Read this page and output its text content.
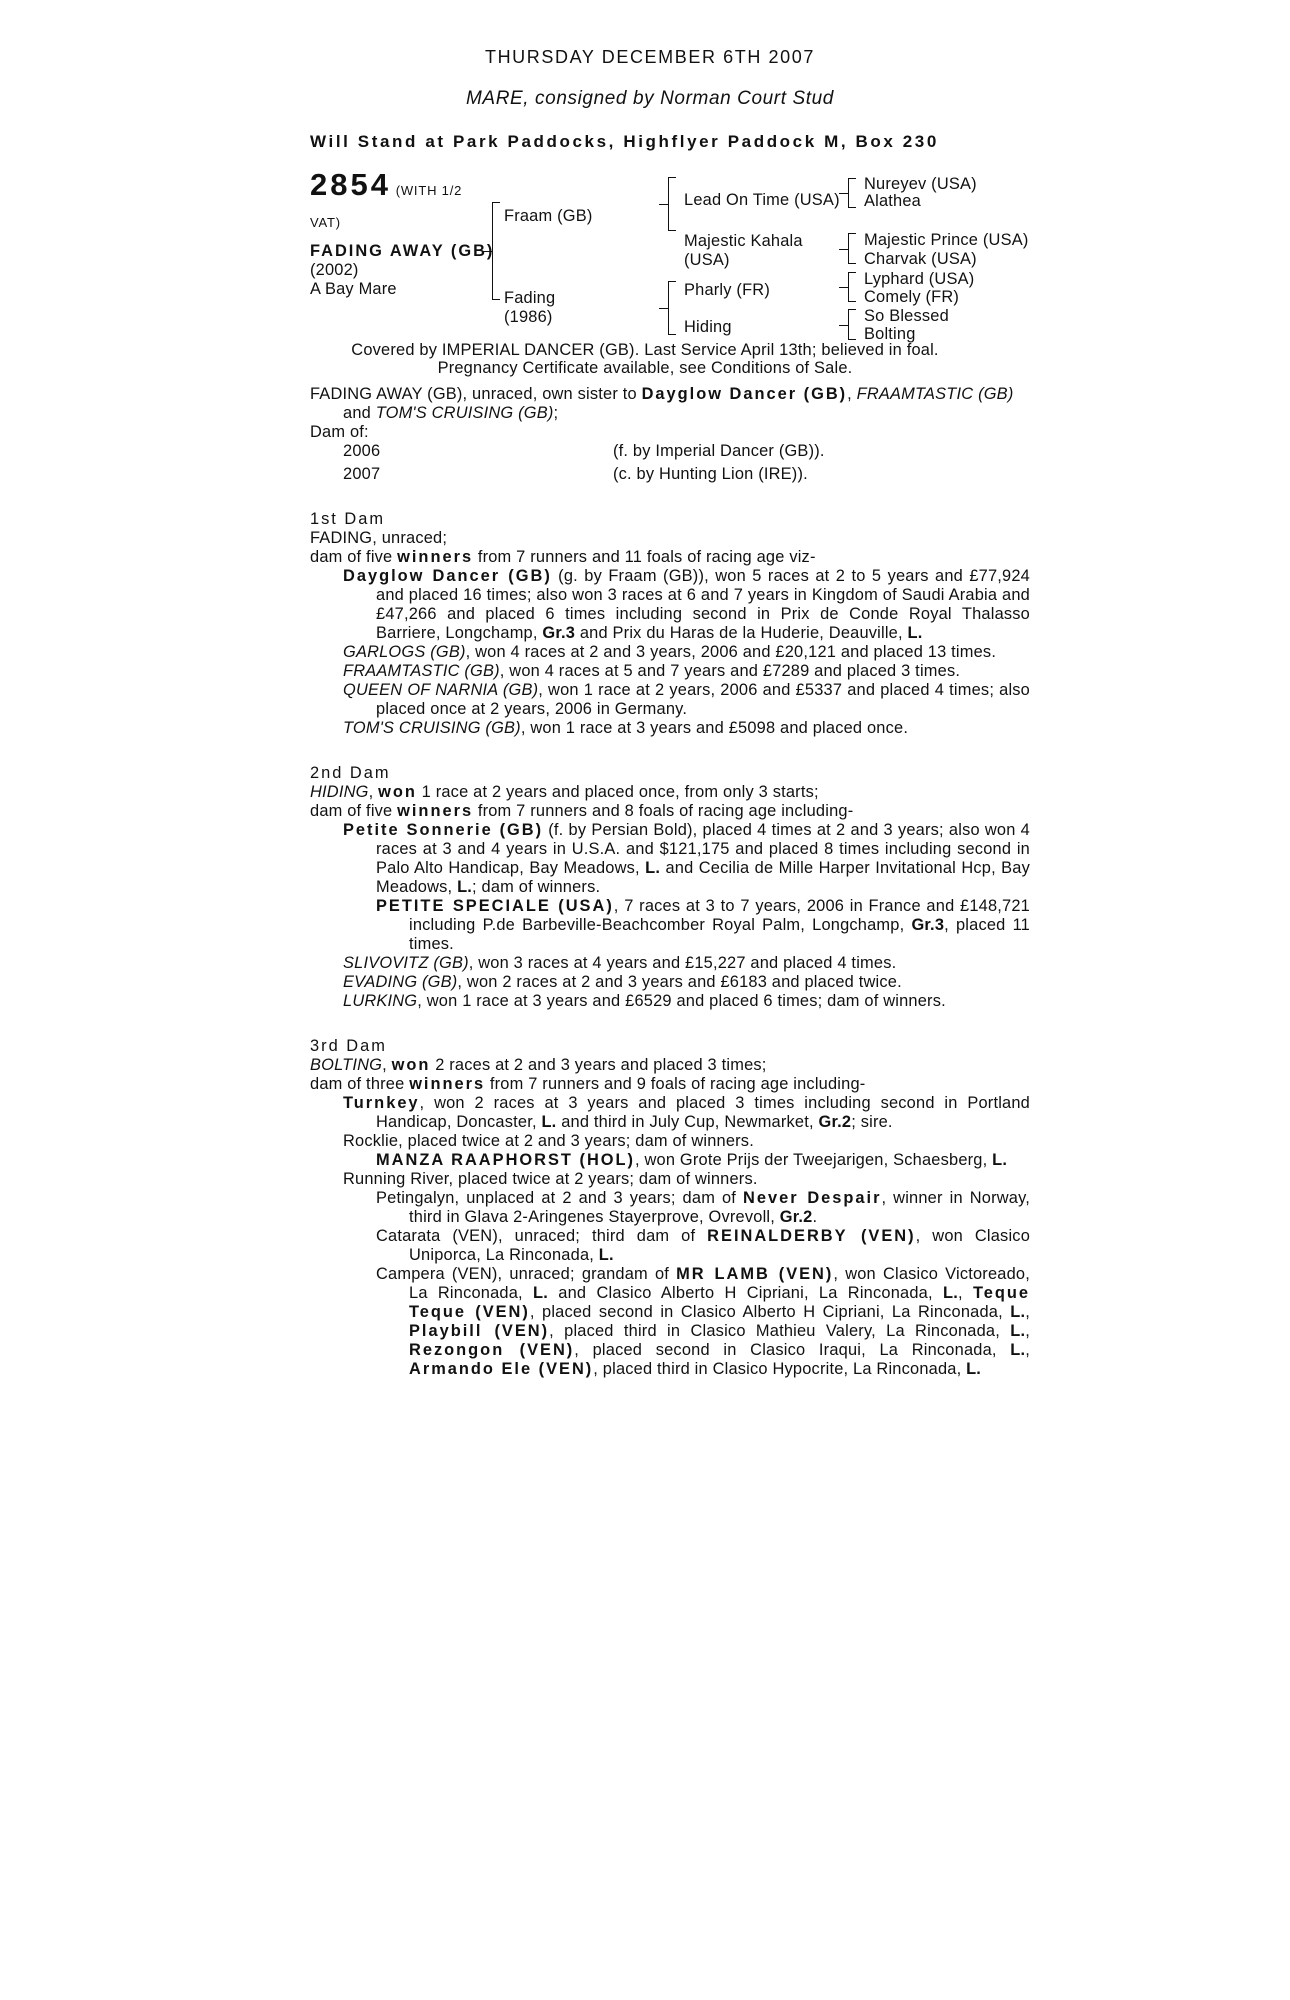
THURSDAY DECEMBER 6TH 2007
MARE, consigned by Norman Court Stud
Will Stand at Park Paddocks, Highflyer Paddock M, Box 230
2854 (WITH 1/2
VAT)
FADING AWAY (GB)
(2002)
A Bay Mare
Fraam (GB)
Fading
(1986)
Lead On Time (USA)
Majestic Kahala
(USA)
Pharly (FR)
Hiding
Nureyev (USA)
Alathea
Majestic Prince (USA)
Charvak (USA)
Lyphard (USA)
Comely (FR)
So Blessed
Bolting
Covered by IMPERIAL DANCER (GB). Last Service April 13th; believed in foal.
Pregnancy Certificate available, see Conditions of Sale.

FADING AWAY (GB), unraced, own sister to Dayglow Dancer (GB), FRAAMTASTIC (GB) and TOM'S CRUISING (GB);

Dam of:

2006	(f. by Imperial Dancer (GB)).
2007	(c. by Hunting Lion (IRE)).

1st Dam

FADING, unraced;

dam of five winners from 7 runners and 11 foals of racing age viz-

Dayglow Dancer (GB) (g. by Fraam (GB)), won 5 races at 2 to 5 years and £77,924 and placed 16 times; also won 3 races at 6 and 7 years in Kingdom of Saudi Arabia and £47,266 and placed 6 times including second in Prix de Conde Royal Thalasso Barriere, Longchamp, Gr.3 and Prix du Haras de la Huderie, Deauville, L.

GARLOGS (GB), won 4 races at 2 and 3 years, 2006 and £20,121 and placed 13 times.

FRAAMTASTIC (GB), won 4 races at 5 and 7 years and £7289 and placed 3 times.

QUEEN OF NARNIA (GB), won 1 race at 2 years, 2006 and £5337 and placed 4 times; also placed once at 2 years, 2006 in Germany.

TOM'S CRUISING (GB), won 1 race at 3 years and £5098 and placed once.

2nd Dam

HIDING, won 1 race at 2 years and placed once, from only 3 starts;

dam of five winners from 7 runners and 8 foals of racing age including-

Petite Sonnerie (GB) (f. by Persian Bold), placed 4 times at 2 and 3 years; also won 4 races at 3 and 4 years in U.S.A. and $121,175 and placed 8 times including second in Palo Alto Handicap, Bay Meadows, L. and Cecilia de Mille Harper Invitational Hcp, Bay Meadows, L.; dam of winners.

PETITE SPECIALE (USA), 7 races at 3 to 7 years, 2006 in France and £148,721 including P.de Barbeville-Beachcomber Royal Palm, Longchamp, Gr.3, placed 11 times.

SLIVOVITZ (GB), won 3 races at 4 years and £15,227 and placed 4 times.

EVADING (GB), won 2 races at 2 and 3 years and £6183 and placed twice.

LURKING, won 1 race at 3 years and £6529 and placed 6 times; dam of winners.

3rd Dam

BOLTING, won 2 races at 2 and 3 years and placed 3 times;

dam of three winners from 7 runners and 9 foals of racing age including-

Turnkey, won 2 races at 3 years and placed 3 times including second in Portland Handicap, Doncaster, L. and third in July Cup, Newmarket, Gr.2; sire.

Rocklie, placed twice at 2 and 3 years; dam of winners.

MANZA RAAPHORST (HOL), won Grote Prijs der Tweejarigen, Schaesberg, L.

Running River, placed twice at 2 years; dam of winners.

Petingalyn, unplaced at 2 and 3 years; dam of Never Despair, winner in Norway, third in Glava 2-Aringenes Stayerprove, Ovrevoll, Gr.2.

Catarata (VEN), unraced; third dam of REINALDERBY (VEN), won Clasico Uniporca, La Rinconada, L.

Campera (VEN), unraced; grandam of MR LAMB (VEN), won Clasico Victoreado, La Rinconada, L. and Clasico Alberto H Cipriani, La Rinconada, L., Teque Teque (VEN), placed second in Clasico Alberto H Cipriani, La Rinconada, L., Playbill (VEN), placed third in Clasico Mathieu Valery, La Rinconada, L., Rezongon (VEN), placed second in Clasico Iraqui, La Rinconada, L., Armando Ele (VEN), placed third in Clasico Hypocrite, La Rinconada, L.
